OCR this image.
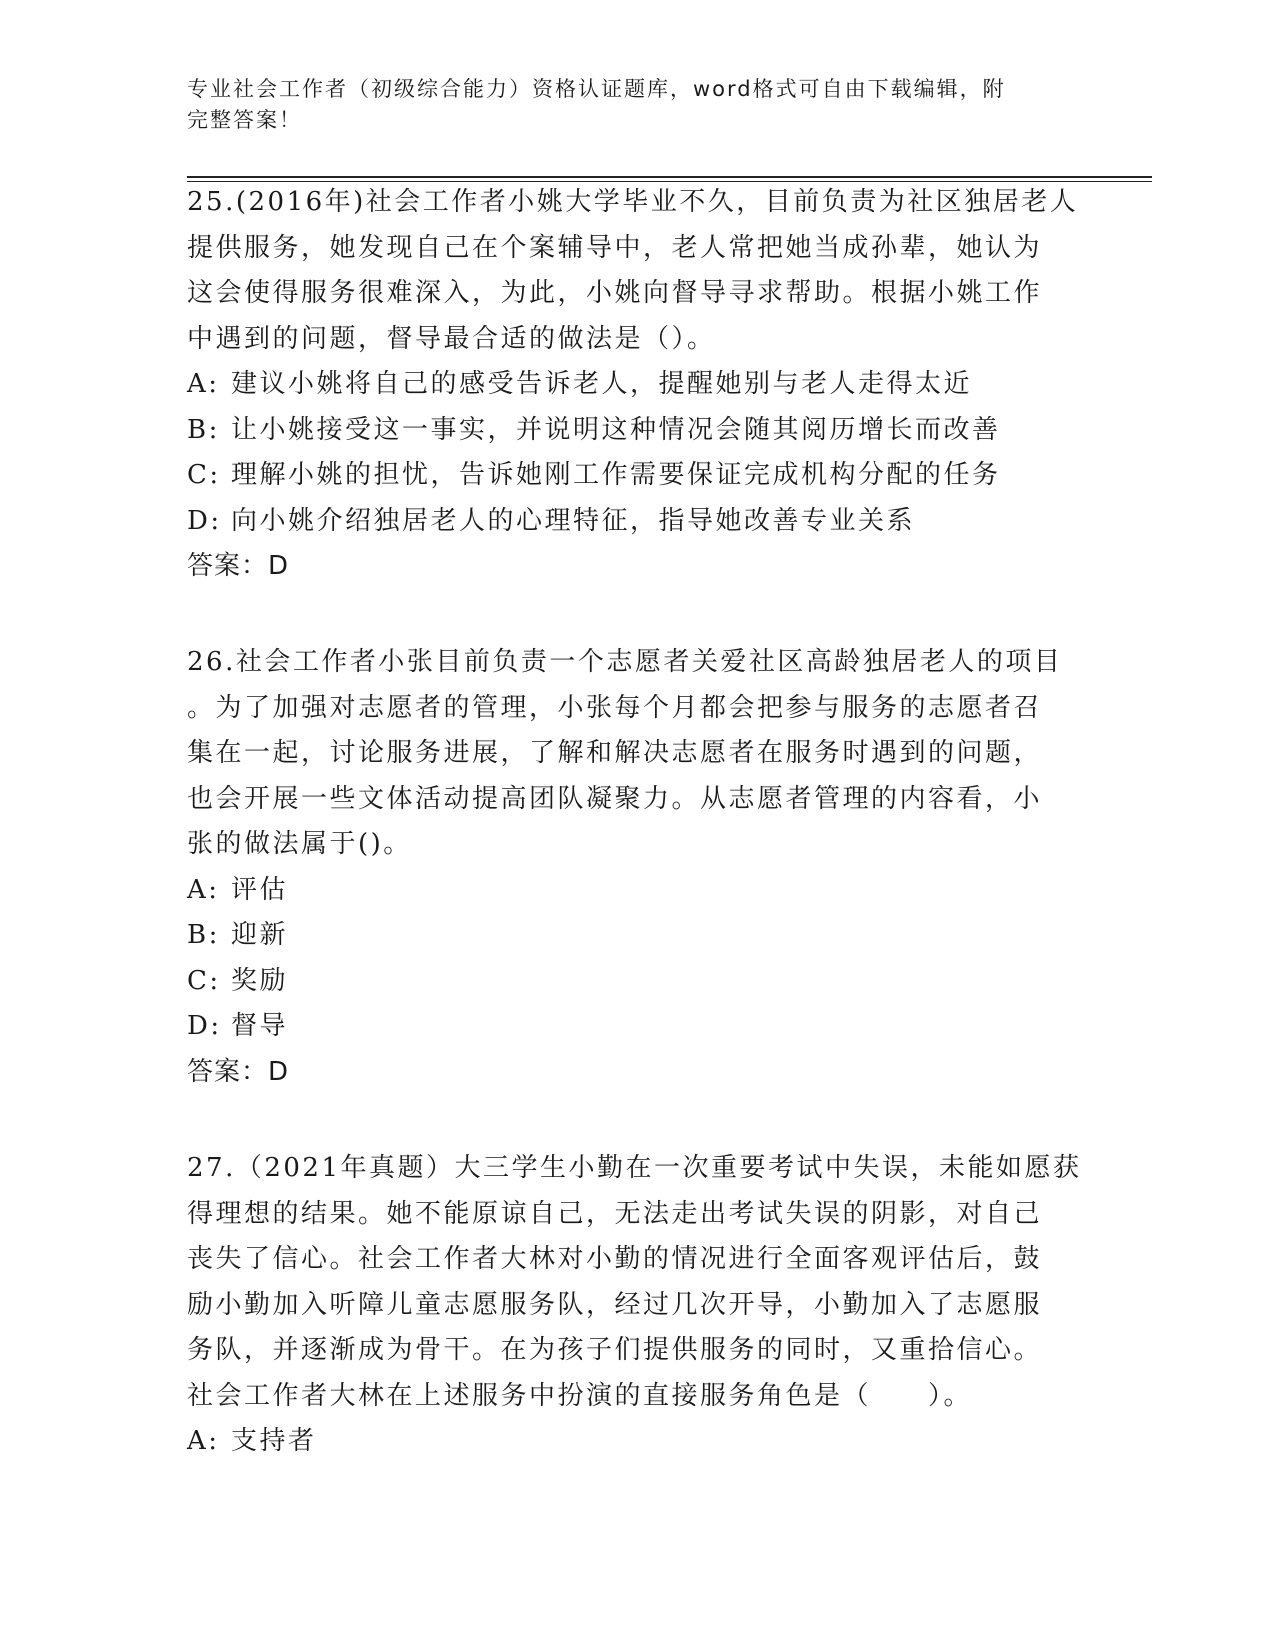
专业社会工作者（初级综合能力）资格认证题库，word格式可自由下载编辑，附
完整答案！
25.(2016年)社会工作者小姚大学毕业不久，目前负责为社区独居老人
提供服务，她发现自己在个案辅导中，老人常把她当成孙辈，她认为
这会使得服务很难深入，为此，小姚向督导寻求帮助。根据小姚工作
中遇到的问题，督导最合适的做法是（）。
A: 建议小姚将自己的感受告诉老人，提醒她别与老人走得太近
B: 让小姚接受这一事实，并说明这种情况会随其阅历增长而改善
C: 理解小姚的担忧，告诉她刚工作需要保证完成机构分配的任务
D: 向小姚介绍独居老人的心理特征，指导她改善专业关系
答案：D
26.社会工作者小张目前负责一个志愿者关爱社区高龄独居老人的项目
。为了加强对志愿者的管理，小张每个月都会把参与服务的志愿者召
集在一起，讨论服务进展，了解和解决志愿者在服务时遇到的问题，
也会开展一些文体活动提高团队凝聚力。从志愿者管理的内容看，小
张的做法属于()。
A: 评估
B: 迎新
C: 奖励
D: 督导
答案：D
27.（2021年真题）大三学生小勤在一次重要考试中失误，未能如愿获
得理想的结果。她不能原谅自己，无法走出考试失误的阴影，对自己
丧失了信心。社会工作者大林对小勤的情况进行全面客观评估后，鼓
励小勤加入听障儿童志愿服务队，经过几次开导，小勤加入了志愿服
务队，并逐渐成为骨干。在为孩子们提供服务的同时，又重拾信心。
社会工作者大林在上述服务中扮演的直接服务角色是（　　）。
A: 支持者
